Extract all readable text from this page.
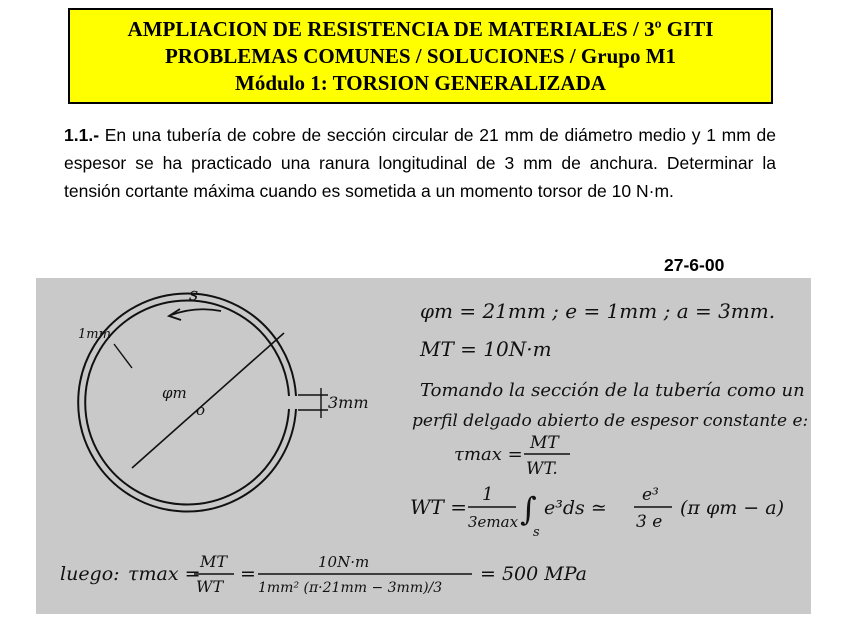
AMPLIACION DE RESISTENCIA DE MATERIALES / 3º GITI
PROBLEMAS COMUNES / SOLUCIONES / Grupo M1
Módulo 1: TORSION GENERALIZADA
1.1.- En una tubería de cobre de sección circular de 21 mm de diámetro medio y 1 mm de espesor se ha practicado una ranura longitudinal de 3 mm de anchura. Determinar la tensión cortante máxima cuando es sometida a un momento torsor de 10 N·m.
27-6-00
s
1mm
φm
o	3mm
φm = 21mm ; e = 1mm ; a = 3mm.
MT = 10N·m
Tomando la sección de la tubería como un
perfil delgado abierto de espesor constante e:
τmax =
MT
WT.
WT =
1
3emax ∫
s
e³ds ≃
e³
3 e
(π φm − a)
luego: τmax =
MT
WT
=
10N·m
1mm² (π·21mm − 3mm)/3
= 500 MPa
